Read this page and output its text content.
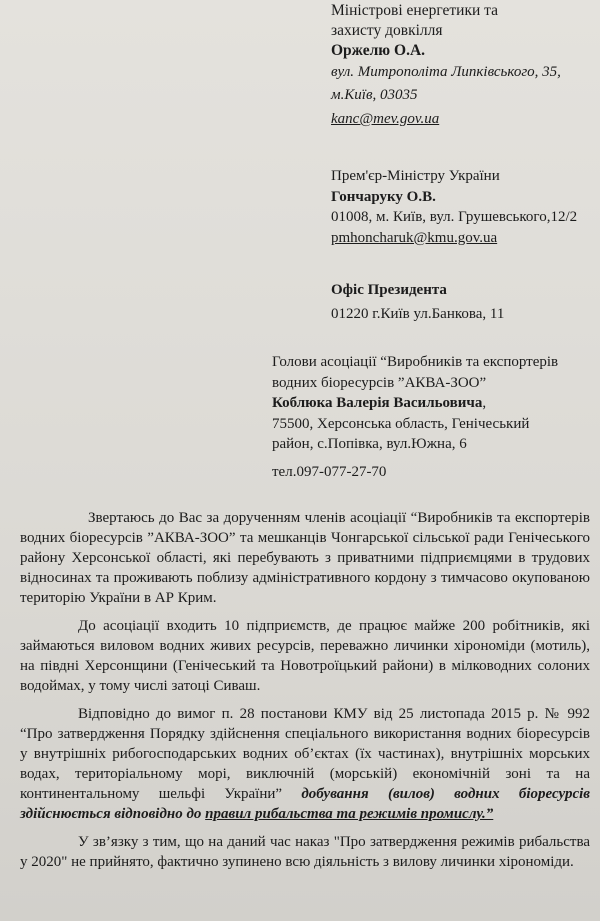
Міністрові енергетики та
захисту довкілля
Оржелю О.А.
вул. Митрополіта Липківського, 35,
м.Київ, 03035
kanc@mev.gov.ua
Прем'єр-Міністру України
Гончаруку О.В.
01008, м. Київ, вул. Грушевського,12/2
pmhoncharuk@kmu.gov.ua
Офіс Президента
01220 г.Київ ул.Банкова, 11
Голови асоціації “Виробників та експортерів
водних біоресурсів ”АКВА-ЗОО”
Коблюка Валерія Васильовича,
75500, Херсонська область, Генічеський
район, с.Попівка, вул.Южна, 6
тел.097-077-27-70

Звертаюсь до Вас за дорученням членів асоціації “Виробників та експортерів водних біоресурсів ”АКВА-ЗОО” та мешканців Чонгарської сільської ради Генічеського району Херсонської області, які перебувають з приватними підприємцями в трудових відносинах та проживають поблизу адміністративного кордону з тимчасово окупованою територію України в АР Крим.

До асоціації входить 10 підприємств, де працює майже 200 робітників, які займаються виловом водних живих ресурсів, переважно личинки хірономіди (мотиль), на півдні Херсонщини (Генічеський та Новотроїцький райони) в мілководних солоних водоймах, у тому числі затоці Сиваш.

Відповідно до вимог п. 28 постанови КМУ від 25 листопада 2015 р. № 992 “Про затвердження Порядку здійснення спеціального використання водних біоресурсів у внутрішніх рибогосподарських водних об’єктах (їх частинах), внутрішніх морських водах, територіальному морі, виключній (морській) економічній зоні та на континентальному шельфі України” добування (вилов) водних біоресурсів здійснюється відповідно до правил рибальства та режимів промислу.”

У зв’язку з тим, що на даний час наказ "Про затвердження режимів рибальства у 2020" не прийнято, фактично зупинено всю діяльність з вилову личинки хірономіди.
